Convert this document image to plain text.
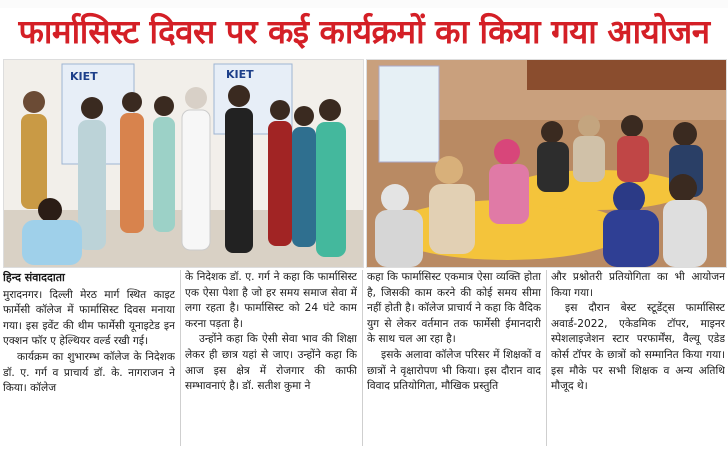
फार्मासिस्ट दिवस पर कई कार्यक्रमों का किया गया आयोजन
KIET	KIET
हिन्द संवाददाता

मुरादनगर। दिल्ली मेरठ मार्ग स्थित काइट फार्मेसी कॉलेज में फार्मासिस्ट दिवस मनाया गया। इस इवेंट की थीम फार्मेसी यूनाइटेड इन एक्शन फॉर ए हेल्थियर वर्ल्ड रखी गई।

कार्यक्रम का शुभारम्भ कॉलेज के निदेशक डॉ. ए. गर्ग व प्राचार्य डॉ. के. नागराजन ने किया। कॉलेज

के निदेशक डॉ. ए. गर्ग ने कहा कि फार्मासिस्ट एक ऐसा पेशा है जो हर समय समाज सेवा में लगा रहता है। फार्मासिस्ट को 24 घंटे काम करना पड़ता है।

उन्होंने कहा कि ऐसी सेवा भाव की शिक्षा लेकर ही छात्र यहां से जाए। उन्होंने कहा कि आज इस क्षेत्र में रोजगार की काफी सम्भावनाएं है। डॉ. सतीश कुमा ने

कहा कि फार्मासिस्ट एकमात्र ऐसा व्यक्ति होता है, जिसकी काम करने की कोई समय सीमा नहीं होती है। कॉलेज प्राचार्य ने कहा कि वैदिक युग से लेकर वर्तमान तक फार्मेसी ईमानदारी के साथ चल आ रहा है।

इसके अलावा कॉलेज परिसर में शिक्षकों व छात्रों ने वृक्षारोपण भी किया। इस दौरान वाद विवाद प्रतियोगिता, मौखिक प्रस्तुति

और प्रश्नोतरी प्रतियोगिता का भी आयोजन किया गया।

इस दौरान बेस्ट स्टूडेंट्स फार्मासिस्ट अवार्ड-2022, एकेडमिक टॉपर, माइनर स्पेशलाइजेशन स्टार परफार्मेंस, वैल्यू एडेड कोर्स टॉपर के छात्रों को सम्मानित किया गया। इस मौके पर सभी शिक्षक व अन्य अतिथि मौजूद थे।
